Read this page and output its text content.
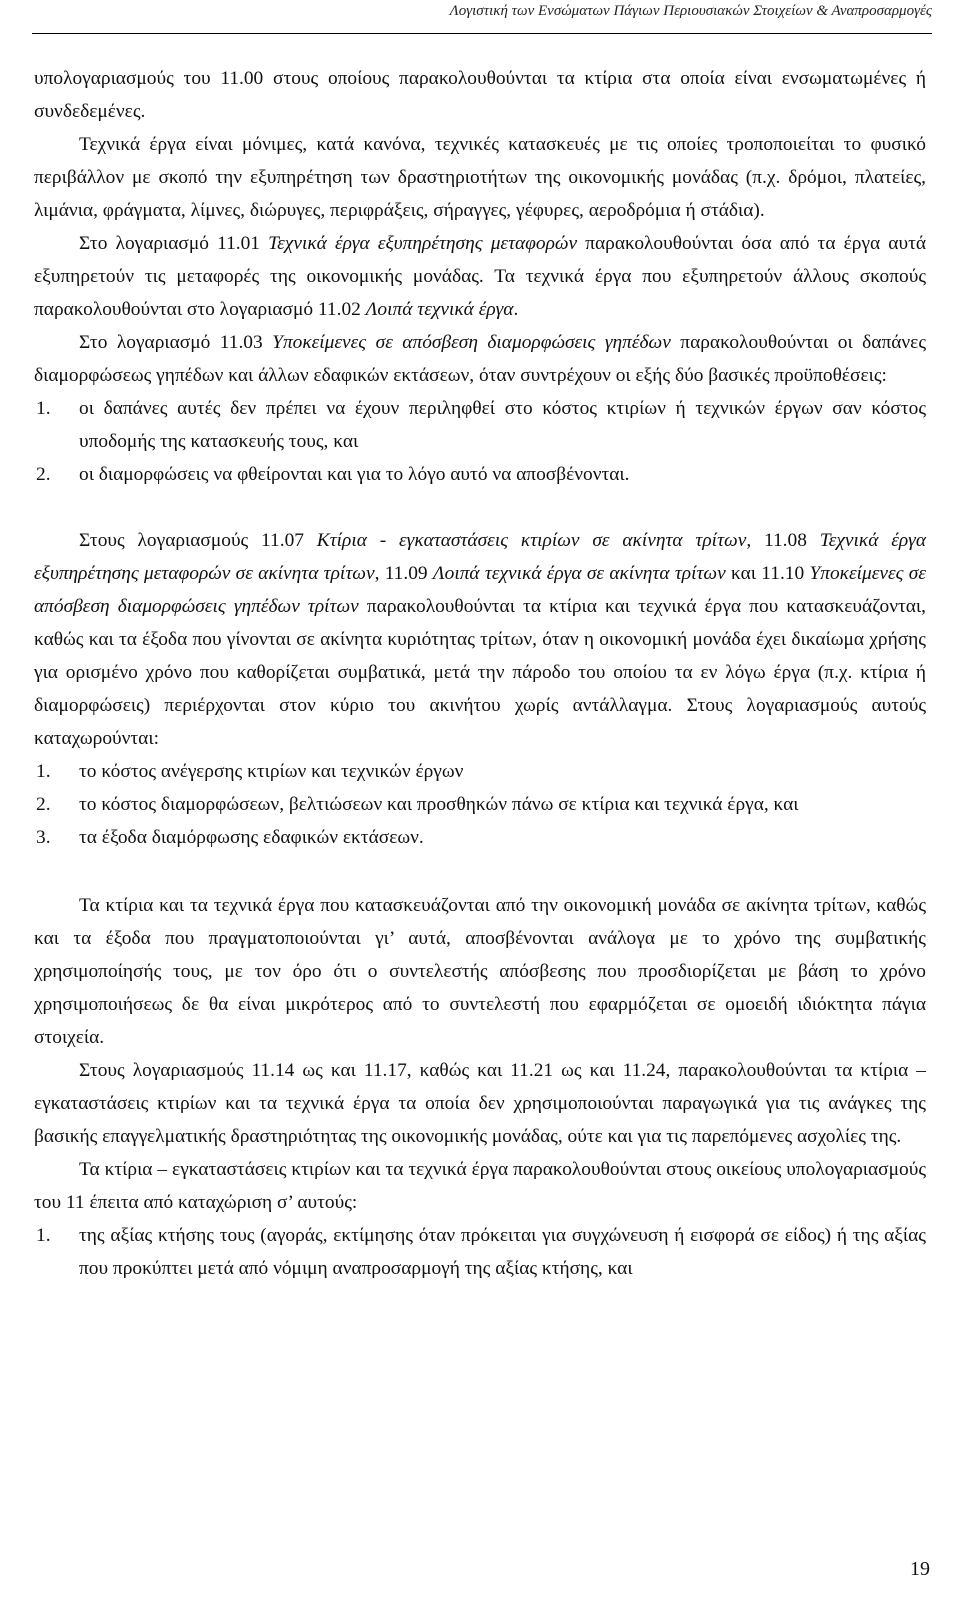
Λογιστική των Ενσώματων Πάγιων Περιουσιακών Στοιχείων & Αναπροσαρμογές

υπολογαριασμούς του 11.00 στους οποίους παρακολουθούνται τα κτίρια στα οποία είναι ενσωματωμένες ή συνδεδεμένες.

Τεχνικά έργα είναι μόνιμες, κατά κανόνα, τεχνικές κατασκευές με τις οποίες τροποποιείται το φυσικό περιβάλλον με σκοπό την εξυπηρέτηση των δραστηριοτήτων της οικονομικής μονάδας (π.χ. δρόμοι, πλατείες, λιμάνια, φράγματα, λίμνες, διώρυγες, περιφράξεις, σήραγγες, γέφυρες, αεροδρόμια ή στάδια).

Στο λογαριασμό 11.01 Τεχνικά έργα εξυπηρέτησης μεταφορών παρακολουθούνται όσα από τα έργα αυτά εξυπηρετούν τις μεταφορές της οικονομικής μονάδας. Τα τεχνικά έργα που εξυπηρετούν άλλους σκοπούς παρακολουθούνται στο λογαριασμό 11.02 Λοιπά τεχνικά έργα.

Στο λογαριασμό 11.03 Υποκείμενες σε απόσβεση διαμορφώσεις γηπέδων παρακολουθούνται οι δαπάνες διαμορφώσεως γηπέδων και άλλων εδαφικών εκτάσεων, όταν συντρέχουν οι εξής δύο βασικές προϋποθέσεις:

1. οι δαπάνες αυτές δεν πρέπει να έχουν περιληφθεί στο κόστος κτιρίων ή τεχνικών έργων σαν κόστος υποδομής της κατασκευής τους, και
2. οι διαμορφώσεις να φθείρονται και για το λόγο αυτό να αποσβένονται.

Στους λογαριασμούς 11.07 Κτίρια - εγκαταστάσεις κτιρίων σε ακίνητα τρίτων, 11.08 Τεχνικά έργα εξυπηρέτησης μεταφορών σε ακίνητα τρίτων, 11.09 Λοιπά τεχνικά έργα σε ακίνητα τρίτων και 11.10 Υποκείμενες σε απόσβεση διαμορφώσεις γηπέδων τρίτων παρακολουθούνται τα κτίρια και τεχνικά έργα που κατασκευάζονται, καθώς και τα έξοδα που γίνονται σε ακίνητα κυριότητας τρίτων, όταν η οικονομική μονάδα έχει δικαίωμα χρήσης για ορισμένο χρόνο που καθορίζεται συμβατικά, μετά την πάροδο του οποίου τα εν λόγω έργα (π.χ. κτίρια ή διαμορφώσεις) περιέρχονται στον κύριο του ακινήτου χωρίς αντάλλαγμα. Στους λογαριασμούς αυτούς καταχωρούνται:

1. το κόστος ανέγερσης κτιρίων και τεχνικών έργων
2. το κόστος διαμορφώσεων, βελτιώσεων και προσθηκών πάνω σε κτίρια και τεχνικά έργα, και
3. τα έξοδα διαμόρφωσης εδαφικών εκτάσεων.

Τα κτίρια και τα τεχνικά έργα που κατασκευάζονται από την οικονομική μονάδα σε ακίνητα τρίτων, καθώς και τα έξοδα που πραγματοποιούνται γι’ αυτά, αποσβένονται ανάλογα με το χρόνο της συμβατικής χρησιμοποίησής τους, με τον όρο ότι ο συντελεστής απόσβεσης που προσδιορίζεται με βάση το χρόνο χρησιμοποιήσεως δε θα είναι μικρότερος από το συντελεστή που εφαρμόζεται σε ομοειδή ιδιόκτητα πάγια στοιχεία.

Στους λογαριασμούς 11.14 ως και 11.17, καθώς και 11.21 ως και 11.24, παρακολουθούνται τα κτίρια – εγκαταστάσεις κτιρίων και τα τεχνικά έργα τα οποία δεν χρησιμοποιούνται παραγωγικά για τις ανάγκες της βασικής επαγγελματικής δραστηριότητας της οικονομικής μονάδας, ούτε και για τις παρεπόμενες ασχολίες της.

Τα κτίρια – εγκαταστάσεις κτιρίων και τα τεχνικά έργα παρακολουθούνται στους οικείους υπολογαριασμούς του 11 έπειτα από καταχώριση σ’ αυτούς:

1. της αξίας κτήσης τους (αγοράς, εκτίμησης όταν πρόκειται για συγχώνευση ή εισφορά σε είδος) ή της αξίας που προκύπτει μετά από νόμιμη αναπροσαρμογή της αξίας κτήσης, και
19
